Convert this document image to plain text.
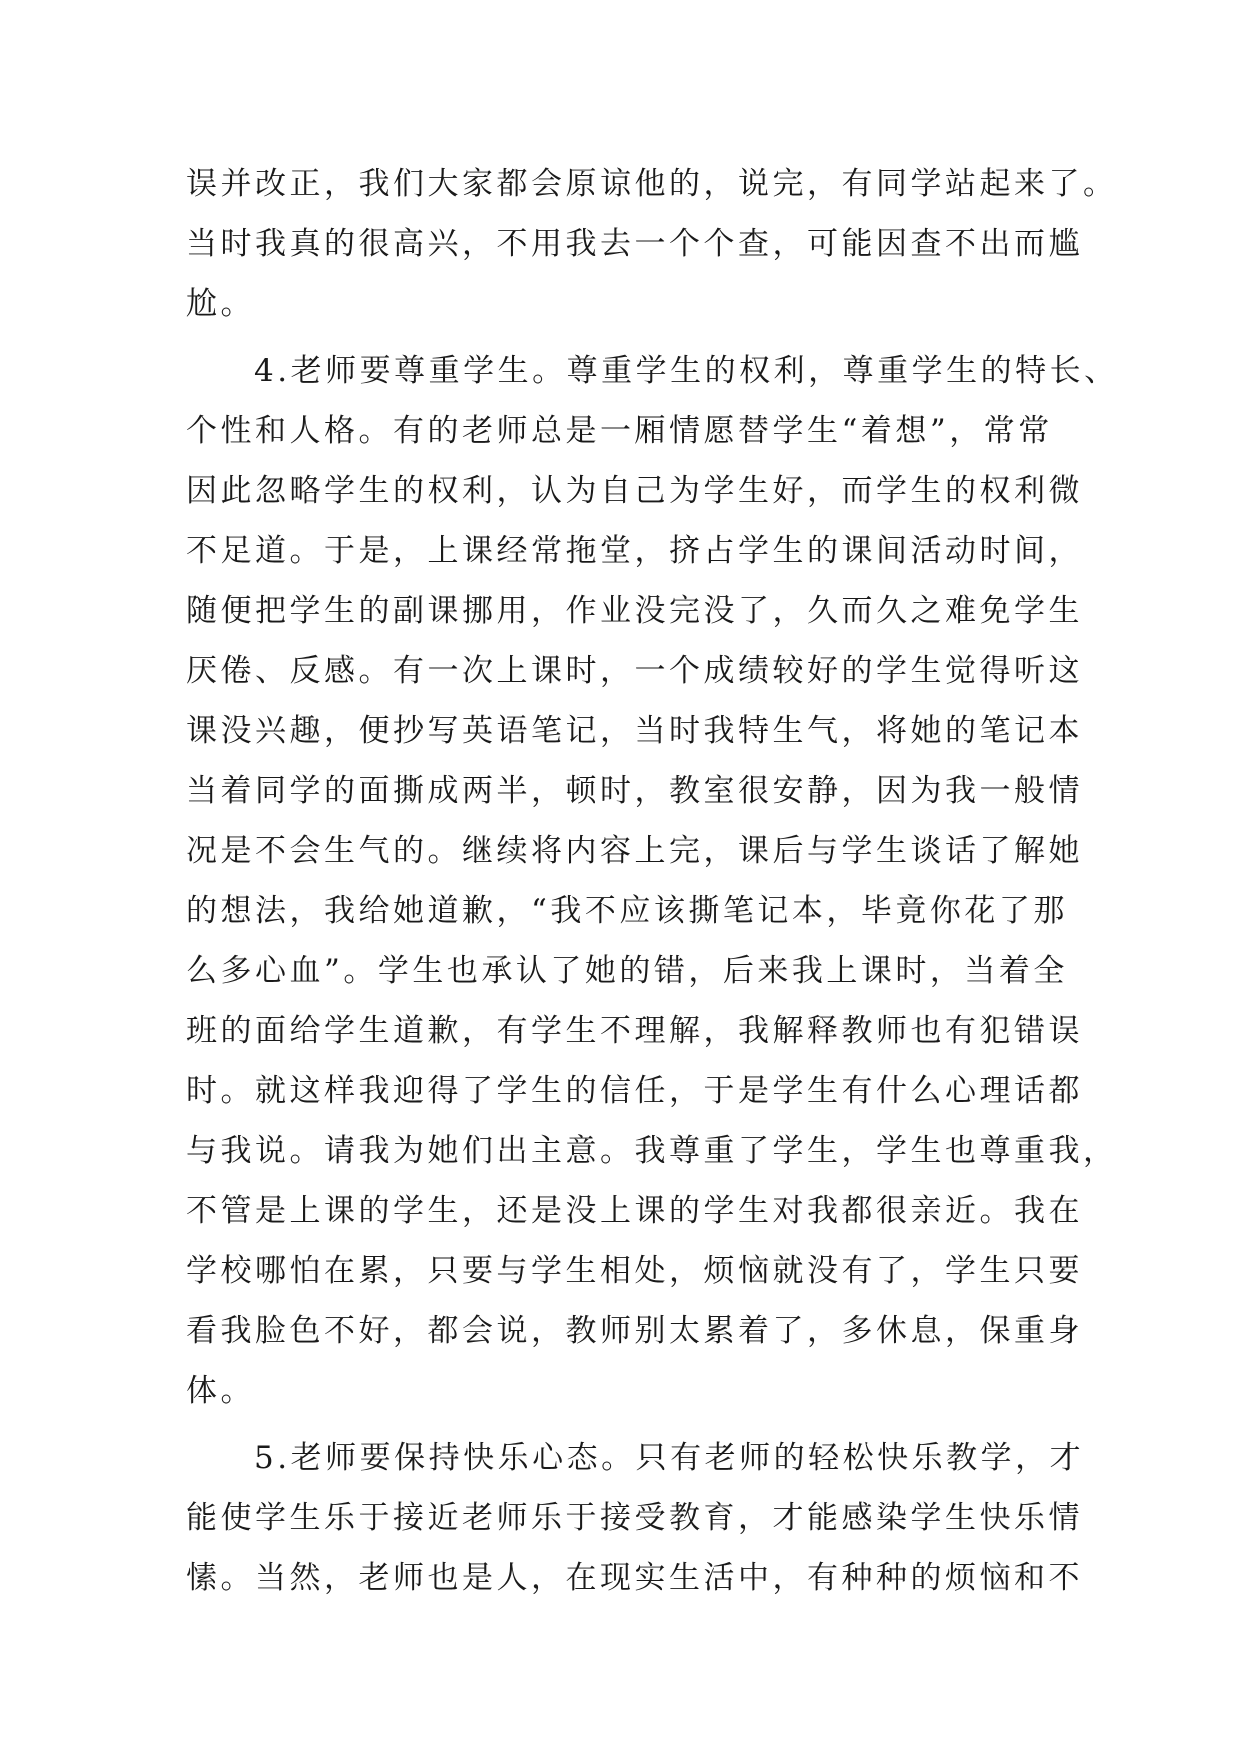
误并改正，我们大家都会原谅他的，说完，有同学站起来了。
当时我真的很高兴，不用我去一个个查，可能因查不出而尴
尬。
4.老师要尊重学生。尊重学生的权利，尊重学生的特长、
个性和人格。有的老师总是一厢情愿替学生“着想”，常常
因此忽略学生的权利，认为自己为学生好，而学生的权利微
不足道。于是，上课经常拖堂，挤占学生的课间活动时间，
随便把学生的副课挪用，作业没完没了，久而久之难免学生
厌倦、反感。有一次上课时，一个成绩较好的学生觉得听这
课没兴趣，便抄写英语笔记，当时我特生气，将她的笔记本
当着同学的面撕成两半，顿时，教室很安静，因为我一般情
况是不会生气的。继续将内容上完，课后与学生谈话了解她
的想法，我给她道歉，“我不应该撕笔记本，毕竟你花了那
么多心血”。学生也承认了她的错，后来我上课时，当着全
班的面给学生道歉，有学生不理解，我解释教师也有犯错误
时。就这样我迎得了学生的信任，于是学生有什么心理话都
与我说。请我为她们出主意。我尊重了学生，学生也尊重我，
不管是上课的学生，还是没上课的学生对我都很亲近。我在
学校哪怕在累，只要与学生相处，烦恼就没有了，学生只要
看我脸色不好，都会说，教师别太累着了，多休息，保重身
体。
5.老师要保持快乐心态。只有老师的轻松快乐教学，才
能使学生乐于接近老师乐于接受教育，才能感染学生快乐情
愫。当然，老师也是人，在现实生活中，有种种的烦恼和不
